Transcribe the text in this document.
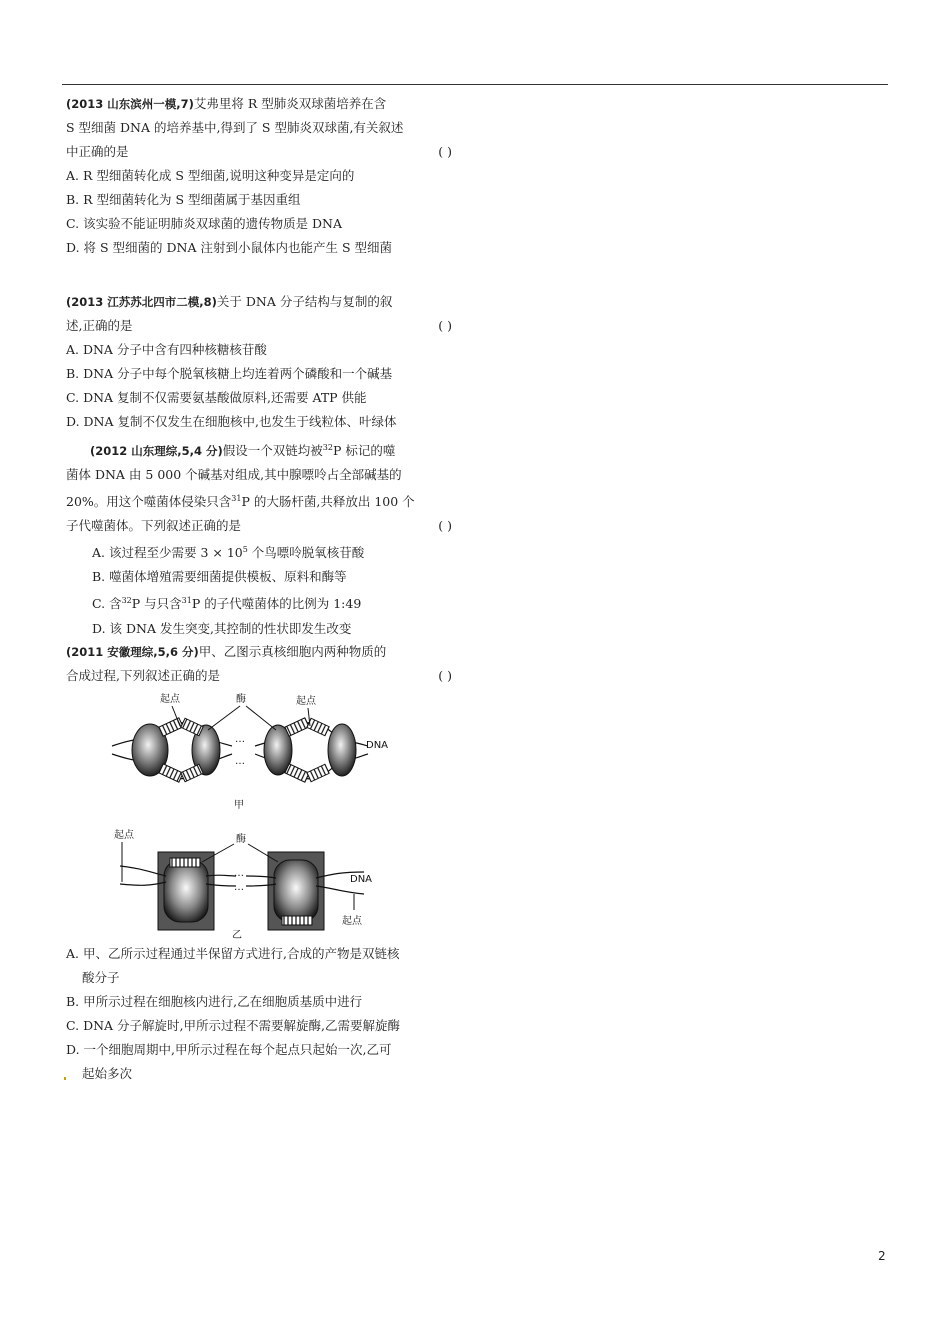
(2013 山东滨州一模,7)艾弗里将 R 型肺炎双球菌培养在含

S 型细菌 DNA 的培养基中,得到了 S 型肺炎双球菌,有关叙述

中正确的是	( )

A. R 型细菌转化成 S 型细菌,说明这种变异是定向的

B. R 型细菌转化为 S 型细菌属于基因重组

C. 该实验不能证明肺炎双球菌的遗传物质是 DNA

D. 将 S 型细菌的 DNA 注射到小鼠体内也能产生 S 型细菌

(2013 江苏苏北四市二模,8)关于 DNA 分子结构与复制的叙

述,正确的是	( )

A. DNA 分子中含有四种核糖核苷酸

B. DNA 分子中每个脱氧核糖上均连着两个磷酸和一个碱基

C. DNA 复制不仅需要氨基酸做原料,还需要 ATP 供能

D. DNA 复制不仅发生在细胞核中,也发生于线粒体、叶绿体

(2012 山东理综,5,4 分)假设一个双链均被$^{32}$P 标记的噬

菌体 DNA 由 5 000 个碱基对组成,其中腺嘌呤占全部碱基的

20%。用这个噬菌体侵染只含$^{31}$P 的大肠杆菌,共释放出 100 个

子代噬菌体。下列叙述正确的是	( )

A. 该过程至少需要 $3 \times 10^5$ 个鸟嘌呤脱氧核苷酸

B. 噬菌体增殖需要细菌提供模板、原料和酶等

C. 含$^{32}$P 与只含$^{31}$P 的子代噬菌体的比例为 1:49

D. 该 DNA 发生突变,其控制的性状即发生改变

(2011 安徽理综,5,6 分)甲、乙图示真核细胞内两种物质的

合成过程,下列叙述正确的是	( )

…
…
起点	酶	起点
DNA
甲
…
…
起点	酶
DNA
起点
乙

A. 甲、乙所示过程通过半保留方式进行,合成的产物是双链核

酸分子

B. 甲所示过程在细胞核内进行,乙在细胞质基质中进行

C. DNA 分子解旋时,甲所示过程不需要解旋酶,乙需要解旋酶

D. 一个细胞周期中,甲所示过程在每个起点只起始一次,乙可

起始多次

2
